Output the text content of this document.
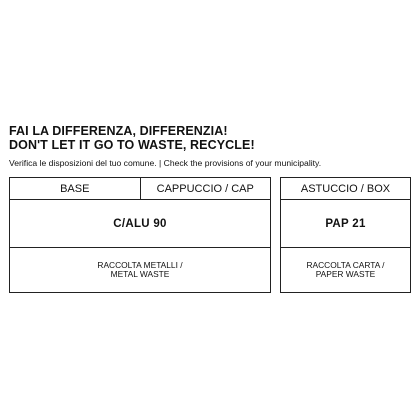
FAI LA DIFFERENZA, DIFFERENZIA!
DON'T LET IT GO TO WASTE, RECYCLE!

Verifica le disposizioni del tuo comune. | Check the provisions of your municipality.

BASE	CAPPUCCIO / CAP
C/ALU 90
RACCOLTA METALLI /
METAL WASTE
ASTUCCIO / BOX
PAP 21
RACCOLTA CARTA /
PAPER WASTE
